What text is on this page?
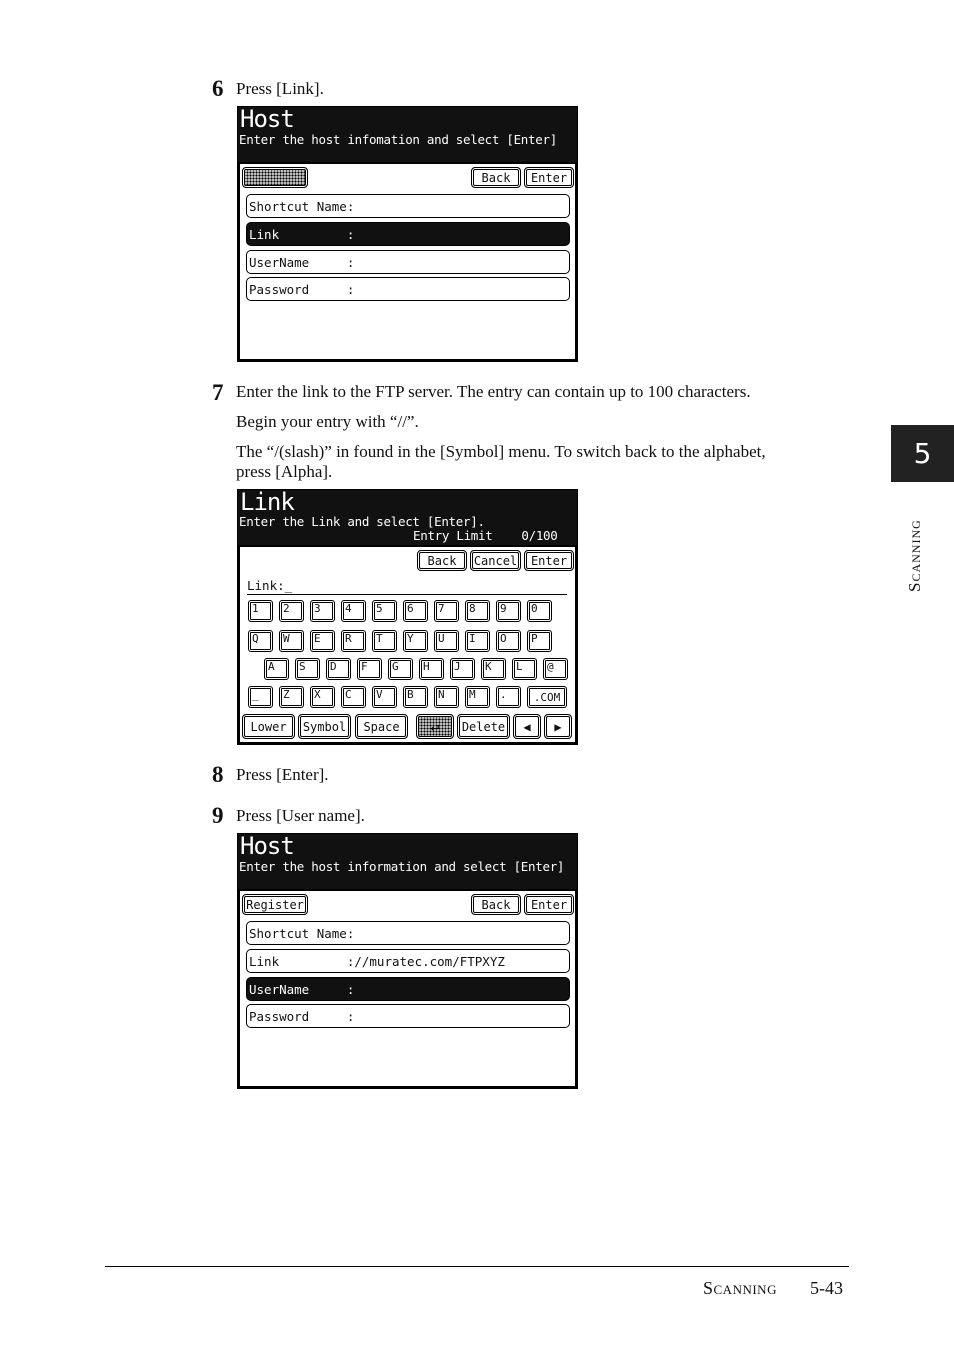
6 Press [Link].
Host
Enter the host infomation and select [Enter]
Back	Enter
Shortcut Name:
Link         :
UserName     :
Password     :
7 Enter the link to the FTP server. The entry can contain up to 100 characters.
Begin your entry with “//”.
The “/(slash)” in found in the [Symbol] menu. To switch back to the alphabet,
press [Alpha].
Link
Enter the Link and select [Enter].
Entry Limit    0/100
Back	Cancel	Enter
Link:_
1	2	3	4	5	6	7	8	9	0
Q	W	E	R	T	Y	U	I	O	P
A	S	D	F	G	H	J	K	L	@
_	Z	X	C	V	B	N	M	.	.COM
Lower	Symbol	Space	↵	Delete	◀ ▶
8 Press [Enter].
9 Press [User name].
Host
Enter the host information and select [Enter]
Register	Back	Enter
Shortcut Name:
Link         ://muratec.com/FTPXYZ
UserName     :
Password     :
5
Scanning
Scanning 5-43
